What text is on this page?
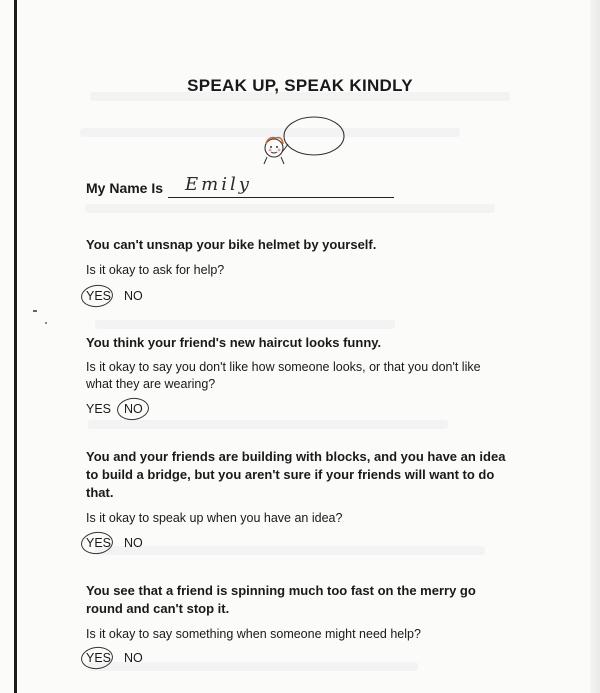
SPEAK UP, SPEAK KINDLY
My Name Is Emily
You can't unsnap your bike helmet by yourself.
Is it okay to ask for help?
YES NO
You think your friend's new haircut looks funny.
Is it okay to say you don't like how someone looks, or that you don't like what they are wearing?
YES NO
You and your friends are building with blocks, and you have an idea to build a bridge, but you aren't sure if your friends will want to do that.
Is it okay to speak up when you have an idea?
YES NO
You see that a friend is spinning much too fast on the merry go round and can't stop it.
Is it okay to say something when someone might need help?
YES NO
